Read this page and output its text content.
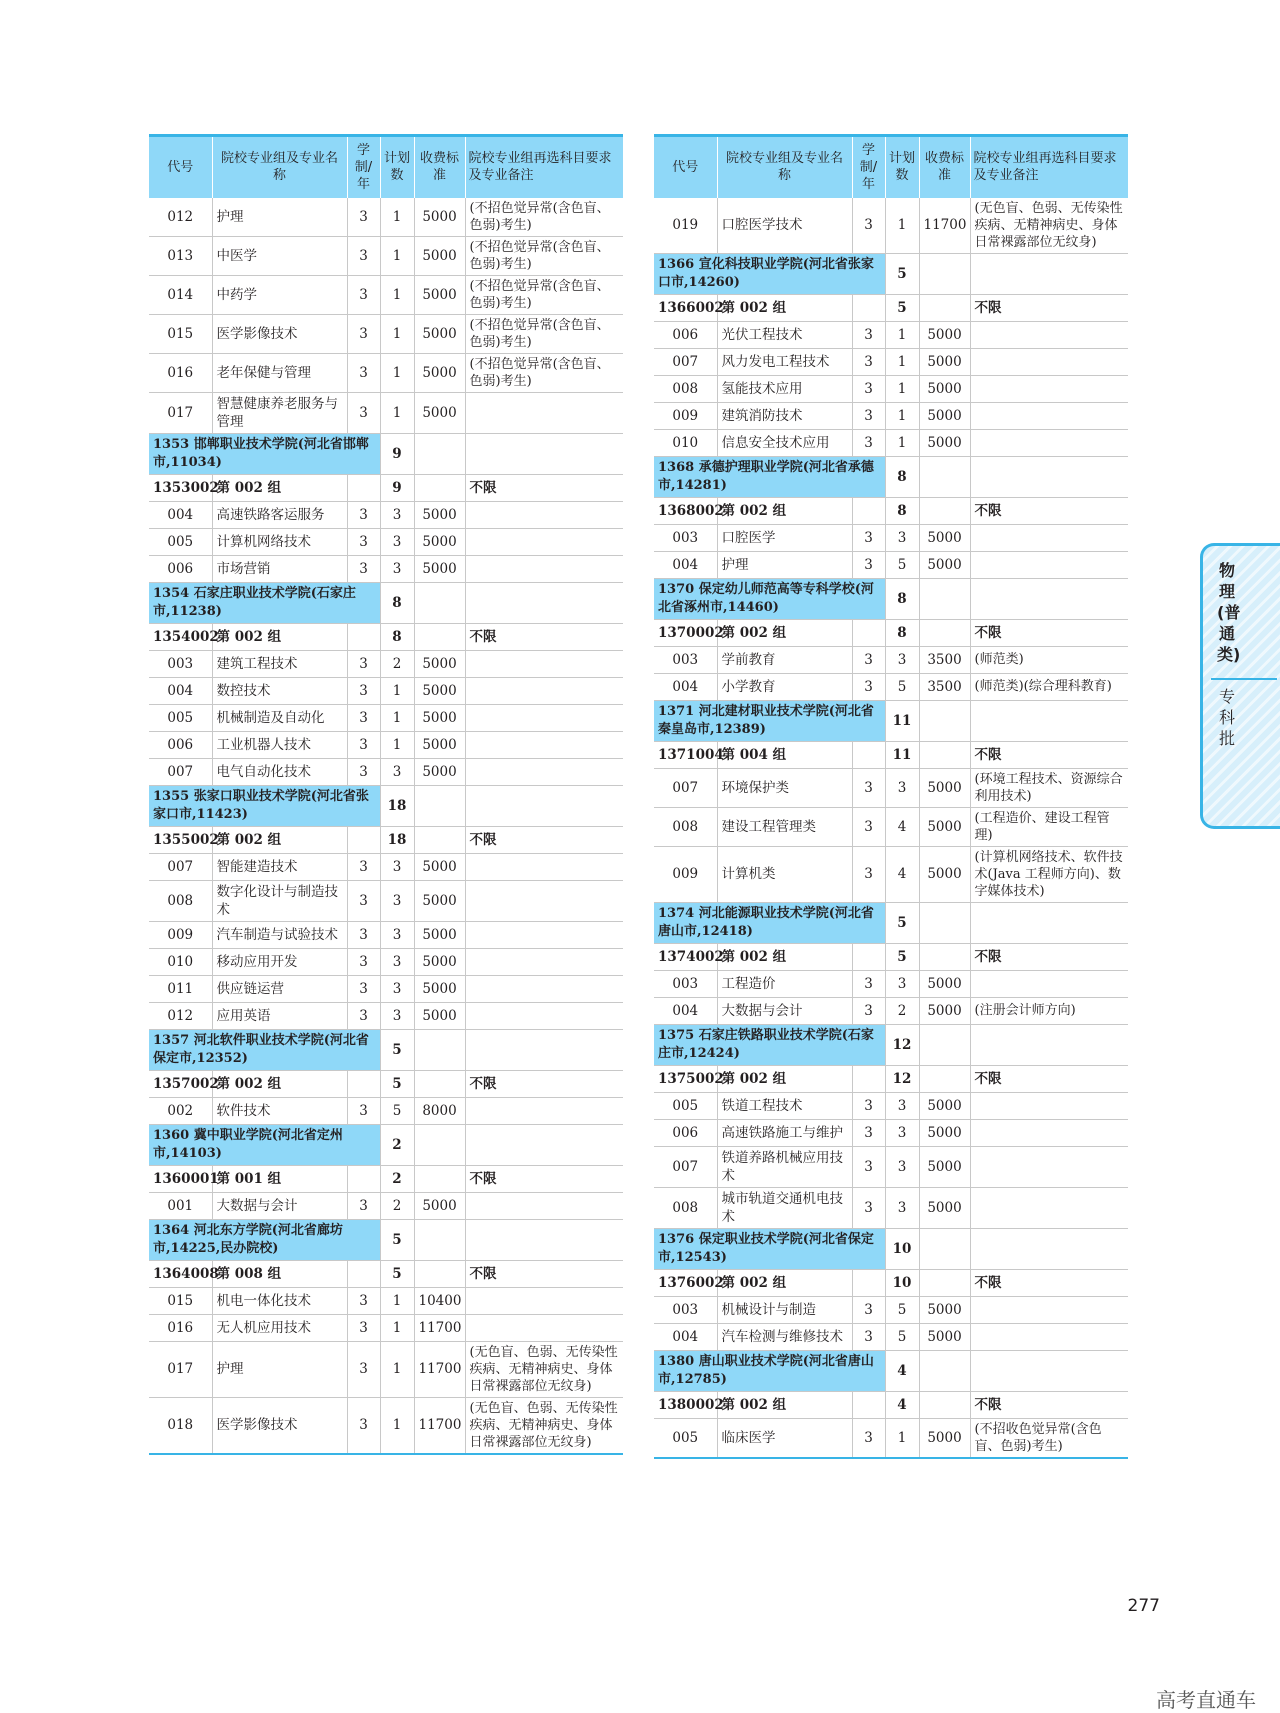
代号	院校专业组及专业名称	学制/年	计划数	收费标准	院校专业组再选科目要求及专业备注
012	护理	3	1	5000	(不招色觉异常(含色盲、色弱)考生)
013	中医学	3	1	5000	(不招色觉异常(含色盲、色弱)考生)
014	中药学	3	1	5000	(不招色觉异常(含色盲、色弱)考生)
015	医学影像技术	3	1	5000	(不招色觉异常(含色盲、色弱)考生)
016	老年保健与管理	3	1	5000	(不招色觉异常(含色盲、色弱)考生)
017	智慧健康养老服务与管理	3	1	5000	
1353 邯郸职业技术学院(河北省邯郸市,11034)			9		
1353002	第 002 组		9		不限
004	高速铁路客运服务	3	3	5000	
005	计算机网络技术	3	3	5000	
006	市场营销	3	3	5000	
1354 石家庄职业技术学院(石家庄市,11238)			8		
1354002	第 002 组		8		不限
003	建筑工程技术	3	2	5000	
004	数控技术	3	1	5000	
005	机械制造及自动化	3	1	5000	
006	工业机器人技术	3	1	5000	
007	电气自动化技术	3	3	5000	
1355 张家口职业技术学院(河北省张家口市,11423)			18		
1355002	第 002 组		18		不限
007	智能建造技术	3	3	5000	
008	数字化设计与制造技术	3	3	5000	
009	汽车制造与试验技术	3	3	5000	
010	移动应用开发	3	3	5000	
011	供应链运营	3	3	5000	
012	应用英语	3	3	5000	
1357 河北软件职业技术学院(河北省保定市,12352)			5		
1357002	第 002 组		5		不限
002	软件技术	3	5	8000	
1360 冀中职业学院(河北省定州市,14103)			2		
1360001	第 001 组		2		不限
001	大数据与会计	3	2	5000	
1364 河北东方学院(河北省廊坊市,14225,民办院校)			5		
1364008	第 008 组		5		不限
015	机电一体化技术	3	1	10400	
016	无人机应用技术	3	1	11700	
017	护理	3	1	11700	(无色盲、色弱、无传染性疾病、无精神病史、身体日常裸露部位无纹身)
018	医学影像技术	3	1	11700	(无色盲、色弱、无传染性疾病、无精神病史、身体日常裸露部位无纹身)
代号	院校专业组及专业名称	学制/年	计划数	收费标准	院校专业组再选科目要求及专业备注
019	口腔医学技术	3	1	11700	(无色盲、色弱、无传染性疾病、无精神病史、身体日常裸露部位无纹身)
1366 宣化科技职业学院(河北省张家口市,14260)			5		
1366002	第 002 组		5		不限
006	光伏工程技术	3	1	5000	
007	风力发电工程技术	3	1	5000	
008	氢能技术应用	3	1	5000	
009	建筑消防技术	3	1	5000	
010	信息安全技术应用	3	1	5000	
1368 承德护理职业学院(河北省承德市,14281)			8		
1368002	第 002 组		8		不限
003	口腔医学	3	3	5000	
004	护理	3	5	5000	
1370 保定幼儿师范高等专科学校(河北省涿州市,14460)			8		
1370002	第 002 组		8		不限
003	学前教育	3	3	3500	(师范类)
004	小学教育	3	5	3500	(师范类)(综合理科教育)
1371 河北建材职业技术学院(河北省秦皇岛市,12389)			11		
1371004	第 004 组		11		不限
007	环境保护类	3	3	5000	(环境工程技术、资源综合利用技术)
008	建设工程管理类	3	4	5000	(工程造价、建设工程管理)
009	计算机类	3	4	5000	(计算机网络技术、软件技术(Java 工程师方向)、数字媒体技术)
1374 河北能源职业技术学院(河北省唐山市,12418)			5		
1374002	第 002 组		5		不限
003	工程造价	3	3	5000	
004	大数据与会计	3	2	5000	(注册会计师方向)
1375 石家庄铁路职业技术学院(石家庄市,12424)			12		
1375002	第 002 组		12		不限
005	铁道工程技术	3	3	5000	
006	高速铁路施工与维护	3	3	5000	
007	铁道养路机械应用技术	3	3	5000	
008	城市轨道交通机电技术	3	3	5000	
1376 保定职业技术学院(河北省保定市,12543)			10		
1376002	第 002 组		10		不限
003	机械设计与制造	3	5	5000	
004	汽车检测与维修技术	3	5	5000	
1380 唐山职业技术学院(河北省唐山市,12785)			4		
1380002	第 002 组		4		不限
005	临床医学	3	1	5000	(不招收色觉异常(含色盲、色弱)考生)
物理(普通类)
专科批
277
高考直通车
